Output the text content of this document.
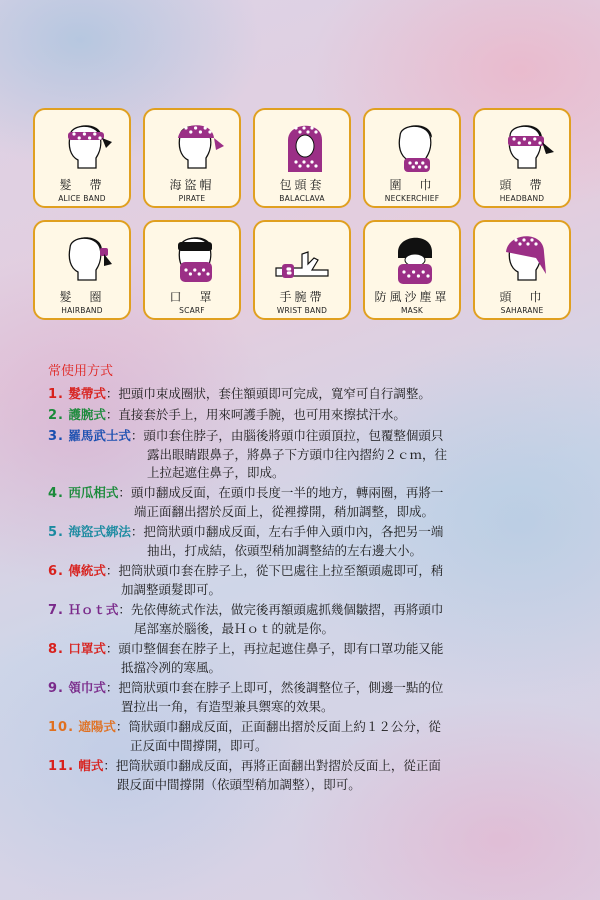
髮　帶
ALICE BAND
海盜帽
PIRATE
包頭套
BALACLAVA
圍　巾
NECKERCHIEF
頭　帶
HEADBAND
髮　圈
HAIRBAND
口　罩
SCARF
手腕帶
WRIST BAND
防風沙塵罩
MASK
頭　巾
SAHARANE
常使用方式
1. 髮帶式：把頭巾束成圈狀，套住額頭即可完成，寬窄可自行調整。
2. 護腕式：直接套於手上，用來呵護手腕，也可用來擦拭汗水。
3. 羅馬武士式：頭巾套住脖子，由腦後將頭巾往頭頂拉，包覆整個頭只
露出眼睛跟鼻子，將鼻子下方頭巾往內摺約２ｃｍ，往
上拉起遮住鼻子，即成。
4. 西瓜相式：頭巾翻成反面，在頭巾長度一半的地方，轉兩圈，再將一
端正面翻出摺於反面上，從裡撐開，稍加調整，即成。
5. 海盜式綁法：把筒狀頭巾翻成反面，左右手伸入頭巾內，各把另一端
抽出，打成結，依頭型稍加調整結的左右邊大小。
6. 傳統式：把筒狀頭巾套在脖子上，從下巴處往上拉至額頭處即可，稍
加調整頭髮即可。
7. Ｈｏｔ式：先依傳統式作法，做完後再額頭處抓幾個皺摺，再將頭巾
尾部塞於腦後，最Ｈｏｔ的就是你。
8. 口罩式：頭巾整個套在脖子上，再拉起遮住鼻子，即有口罩功能又能
抵擋冷冽的寒風。
9. 領巾式：把筒狀頭巾套在脖子上即可，然後調整位子，側邊一點的位
置拉出一角，有造型兼具禦寒的效果。
10. 遮陽式：筒狀頭巾翻成反面，正面翻出摺於反面上約１２公分，從
正反面中間撐開，即可。
11. 帽式：把筒狀頭巾翻成反面，再將正面翻出對摺於反面上，從正面
跟反面中間撐開（依頭型稍加調整），即可。
